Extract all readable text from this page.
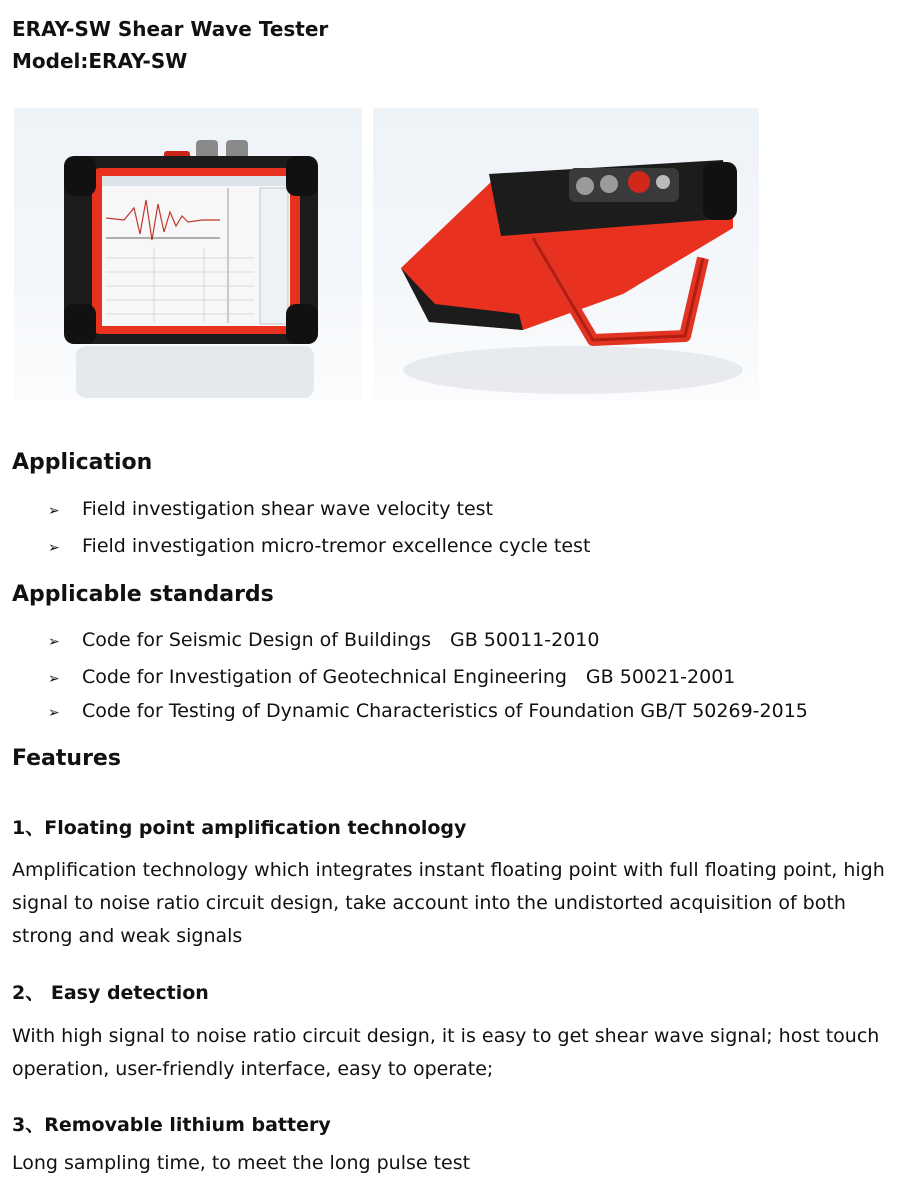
ERAY-SW Shear Wave Tester
Model:ERAY-SW
Application
➢ Field investigation shear wave velocity test
➢ Field investigation micro-tremor excellence cycle test
Applicable standards
➢ Code for Seismic Design of Buildings GB 50011-2010
➢ Code for Investigation of Geotechnical Engineering GB 50021-2001
➢ Code for Testing of Dynamic Characteristics of Foundation GB/T 50269-2015
Features
1、Floating point amplification technology
Amplification technology which integrates instant floating point with full floating point, high signal to noise ratio circuit design, take account into the undistorted acquisition of both strong and weak signals
2、 Easy detection
With high signal to noise ratio circuit design, it is easy to get shear wave signal; host touch operation, user-friendly interface, easy to operate;
3、Removable lithium battery
Long sampling time, to meet the long pulse test
